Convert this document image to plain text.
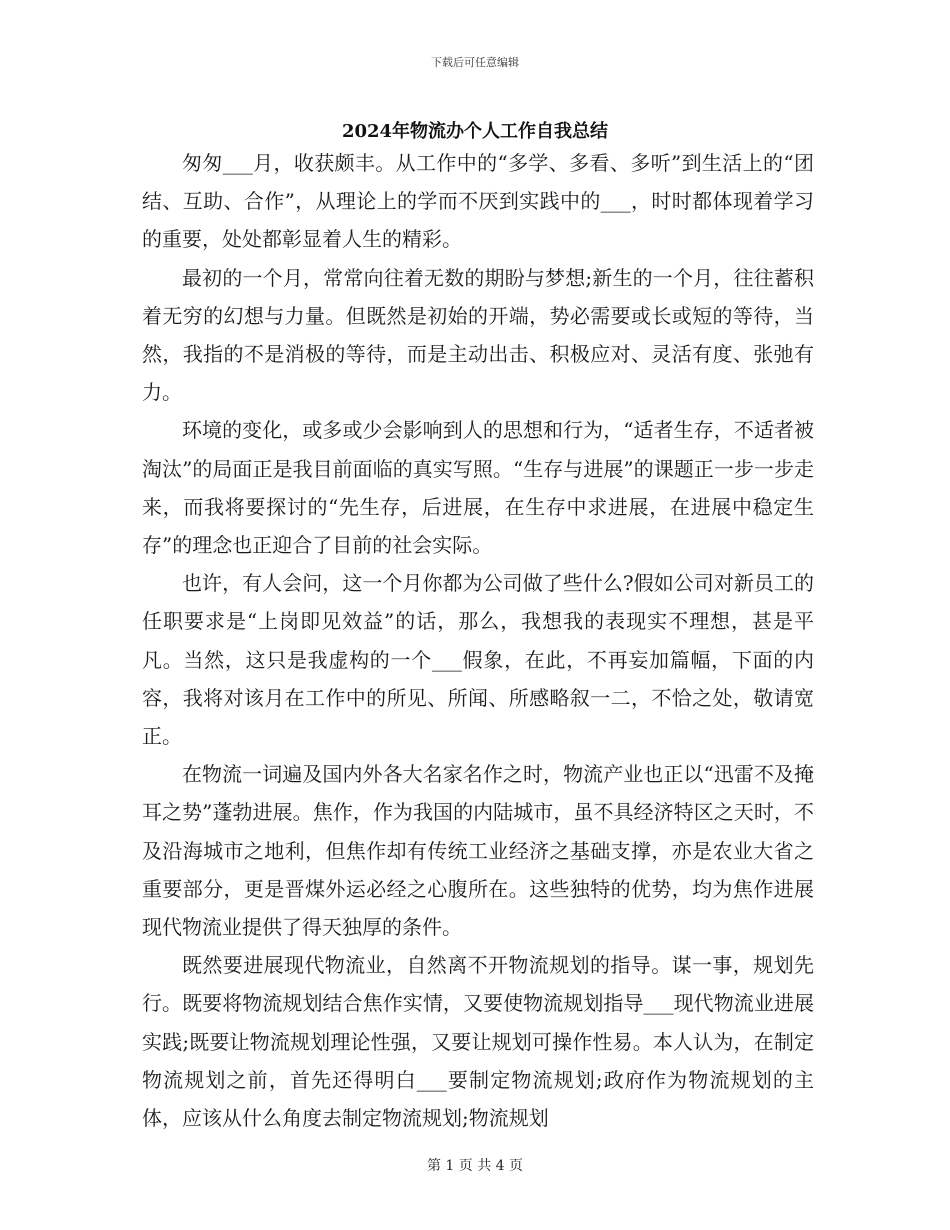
下载后可任意编辑
2024年物流办个人工作自我总结

匆匆___月，收获颇丰。从工作中的“多学、多看、多听”到生活上的“团结、互助、合作”，从理论上的学而不厌到实践中的___，时时都体现着学习的重要，处处都彰显着人生的精彩。

最初的一个月，常常向往着无数的期盼与梦想;新生的一个月，往往蓄积着无穷的幻想与力量。但既然是初始的开端，势必需要或长或短的等待，当然，我指的不是消极的等待，而是主动出击、积极应对、灵活有度、张弛有力。

环境的变化，或多或少会影响到人的思想和行为，“适者生存，不适者被淘汰”的局面正是我目前面临的真实写照。“生存与进展”的课题正一步一步走来，而我将要探讨的“先生存，后进展，在生存中求进展，在进展中稳定生存”的理念也正迎合了目前的社会实际。

也许，有人会问，这一个月你都为公司做了些什么?假如公司对新员工的任职要求是“上岗即见效益”的话，那么，我想我的表现实不理想，甚是平凡。当然，这只是我虚构的一个___假象，在此，不再妄加篇幅，下面的内容，我将对该月在工作中的所见、所闻、所感略叙一二，不恰之处，敬请宽正。

在物流一词遍及国内外各大名家名作之时，物流产业也正以“迅雷不及掩耳之势”蓬勃进展。焦作，作为我国的内陆城市，虽不具经济特区之天时，不及沿海城市之地利，但焦作却有传统工业经济之基础支撑，亦是农业大省之重要部分，更是晋煤外运必经之心腹所在。这些独特的优势，均为焦作进展现代物流业提供了得天独厚的条件。

既然要进展现代物流业，自然离不开物流规划的指导。谋一事，规划先行。既要将物流规划结合焦作实情，又要使物流规划指导___现代物流业进展实践;既要让物流规划理论性强，又要让规划可操作性易。本人认为，在制定物流规划之前，首先还得明白___要制定物流规划;政府作为物流规划的主体，应该从什么角度去制定物流规划;物流规划

第 1 页 共 4 页
